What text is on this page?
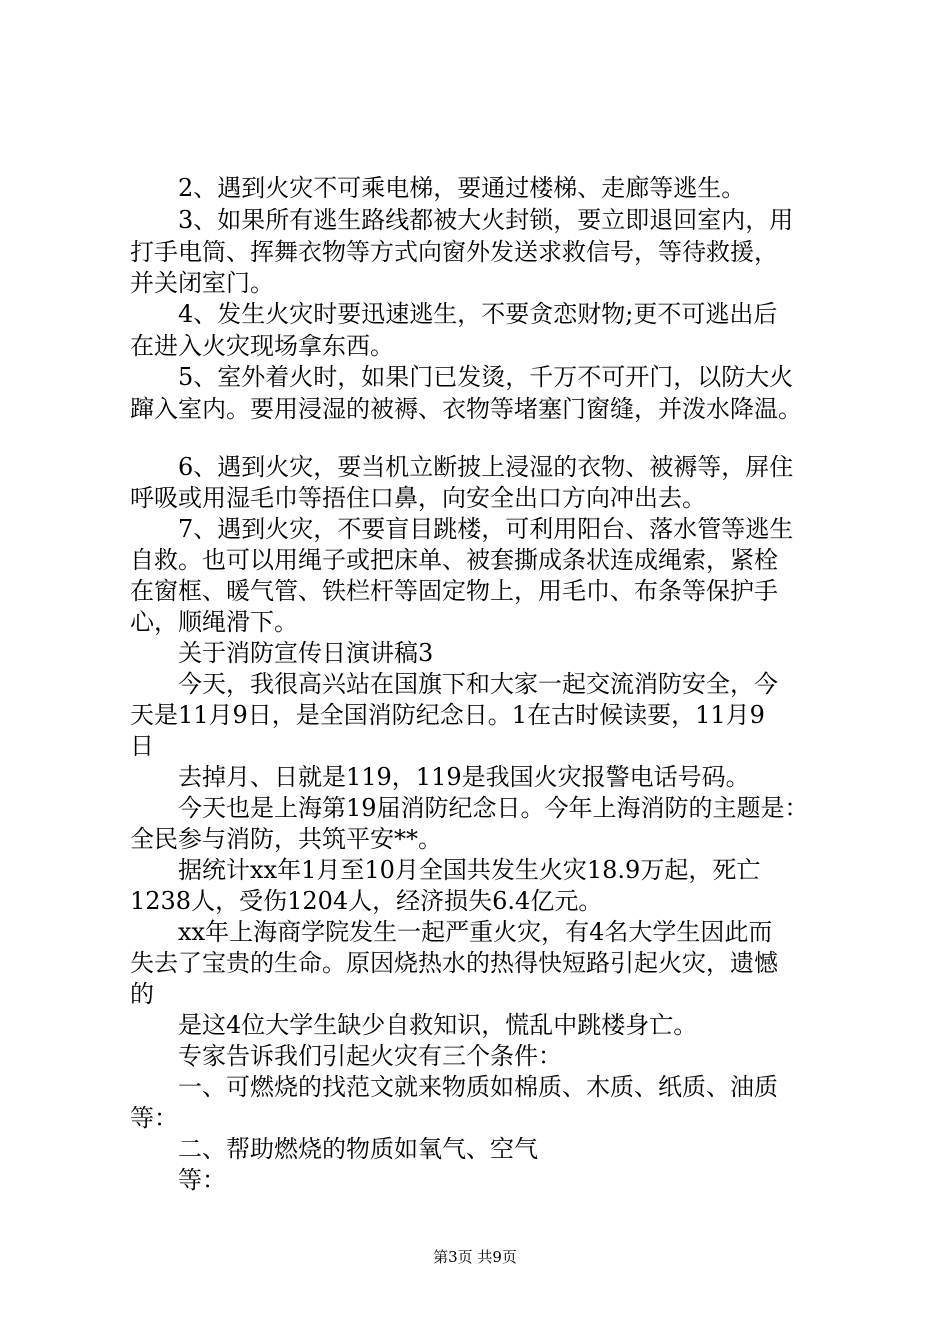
2、遇到火灾不可乘电梯，要通过楼梯、走廊等逃生。
3、如果所有逃生路线都被大火封锁，要立即退回室内，用
打手电筒、挥舞衣物等方式向窗外发送求救信号，等待救援，
并关闭室门。
4、发生火灾时要迅速逃生，不要贪恋财物;更不可逃出后
在进入火灾现场拿东西。
5、室外着火时，如果门已发烫，千万不可开门，以防大火
蹿入室内。要用浸湿的被褥、衣物等堵塞门窗缝，并泼水降温。
6、遇到火灾，要当机立断披上浸湿的衣物、被褥等，屏住
呼吸或用湿毛巾等捂住口鼻，向安全出口方向冲出去。
7、遇到火灾，不要盲目跳楼，可利用阳台、落水管等逃生
自救。也可以用绳子或把床单、被套撕成条状连成绳索，紧栓
在窗框、暖气管、铁栏杆等固定物上，用毛巾、布条等保护手
心，顺绳滑下。
关于消防宣传日演讲稿3
今天，我很高兴站在国旗下和大家一起交流消防安全，今
天是11月9日，是全国消防纪念日。1在古时候读要，11月9
日
去掉月、日就是119，119是我国火灾报警电话号码。
今天也是上海第19届消防纪念日。今年上海消防的主题是：
全民参与消防，共筑平安**。
据统计xx年1月至10月全国共发生火灾18.9万起，死亡
1238人，受伤1204人，经济损失6.4亿元。
xx年上海商学院发生一起严重火灾，有4名大学生因此而
失去了宝贵的生命。原因烧热水的热得快短路引起火灾，遗憾
的
是这4位大学生缺少自救知识，慌乱中跳楼身亡。
专家告诉我们引起火灾有三个条件：
一、可燃烧的找范文就来物质如棉质、木质、纸质、油质
等：
二、帮助燃烧的物质如氧气、空气
等：
第3页 共9页
